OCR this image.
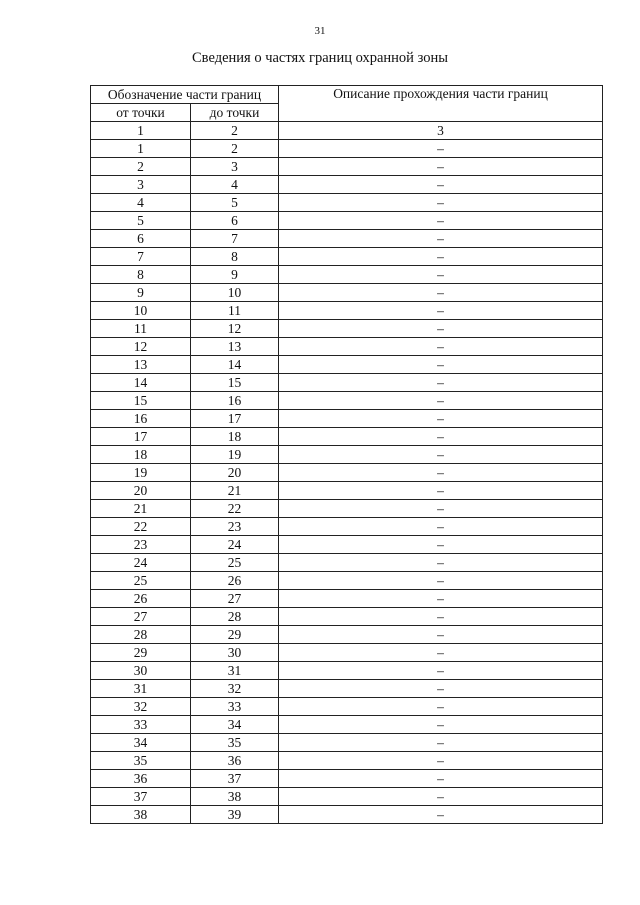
31
Сведения о частях границ охранной зоны
Обозначение части границ		Описание прохождения части границ
от точки	до точки	
1	2	3
1	2	–
2	3	–
3	4	–
4	5	–
5	6	–
6	7	–
7	8	–
8	9	–
9	10	–
10	11	–
11	12	–
12	13	–
13	14	–
14	15	–
15	16	–
16	17	–
17	18	–
18	19	–
19	20	–
20	21	–
21	22	–
22	23	–
23	24	–
24	25	–
25	26	–
26	27	–
27	28	–
28	29	–
29	30	–
30	31	–
31	32	–
32	33	–
33	34	–
34	35	–
35	36	–
36	37	–
37	38	–
38	39	–
